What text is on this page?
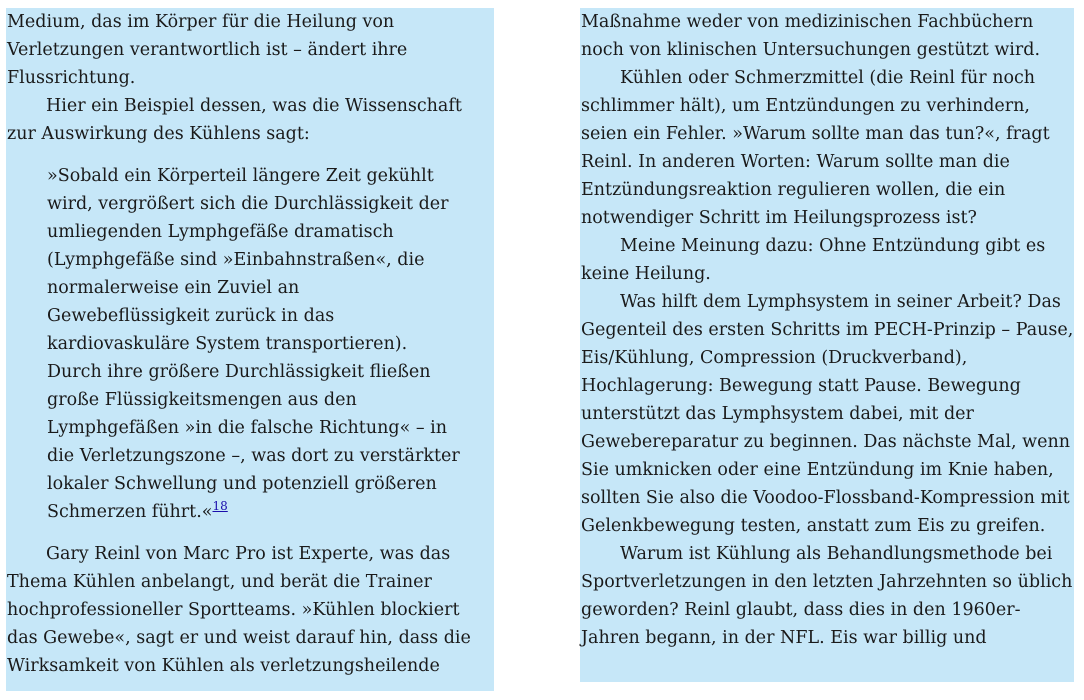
Medium, das im Körper für die Heilung von Verletzungen verantwortlich ist – ändert ihre Flussrichtung.

Hier ein Beispiel dessen, was die Wissenschaft zur Auswirkung des Kühlens sagt:

»Sobald ein Körperteil längere Zeit gekühlt wird, vergrößert sich die Durchlässigkeit der umliegenden Lymphgefäße dramatisch (Lymphgefäße sind »Einbahnstraßen«, die normalerweise ein Zuviel an Gewebeflüssigkeit zurück in das kardiovaskuläre System transportieren). Durch ihre größere Durchlässigkeit fließen große Flüssigkeitsmengen aus den Lymphgefäßen »in die falsche Richtung« – in die Verletzungszone –, was dort zu verstärkter lokaler Schwellung und potenziell größeren Schmerzen führt.«$^{18}$

Gary Reinl von Marc Pro ist Experte, was das Thema Kühlen anbelangt, und berät die Trainer hochprofessioneller Sportteams. »Kühlen blockiert das Gewebe«, sagt er und weist darauf hin, dass die Wirksamkeit von Kühlen als verletzungsheilende

Maßnahme weder von medizinischen Fachbüchern noch von klinischen Untersuchungen gestützt wird.

Kühlen oder Schmerzmittel (die Reinl für noch schlimmer hält), um Entzündungen zu verhindern, seien ein Fehler. »Warum sollte man das tun?«, fragt Reinl. In anderen Worten: Warum sollte man die Entzündungsreaktion regulieren wollen, die ein notwendiger Schritt im Heilungsprozess ist?

Meine Meinung dazu: Ohne Entzündung gibt es keine Heilung.

Was hilft dem Lymphsystem in seiner Arbeit? Das Gegenteil des ersten Schritts im PECH-Prinzip – Pause, Eis/Kühlung, Compression (Druckverband), Hochlagerung: Bewegung statt Pause. Bewegung unterstützt das Lymphsystem dabei, mit der Gewebereparatur zu beginnen. Das nächste Mal, wenn Sie umknicken oder eine Entzündung im Knie haben, sollten Sie also die Voodoo-Flossband-Kompression mit Gelenkbewegung testen, anstatt zum Eis zu greifen.

Warum ist Kühlung als Behandlungsmethode bei Sportverletzungen in den letzten Jahrzehnten so üblich geworden? Reinl glaubt, dass dies in den 1960er-Jahren begann, in der NFL. Eis war billig und
